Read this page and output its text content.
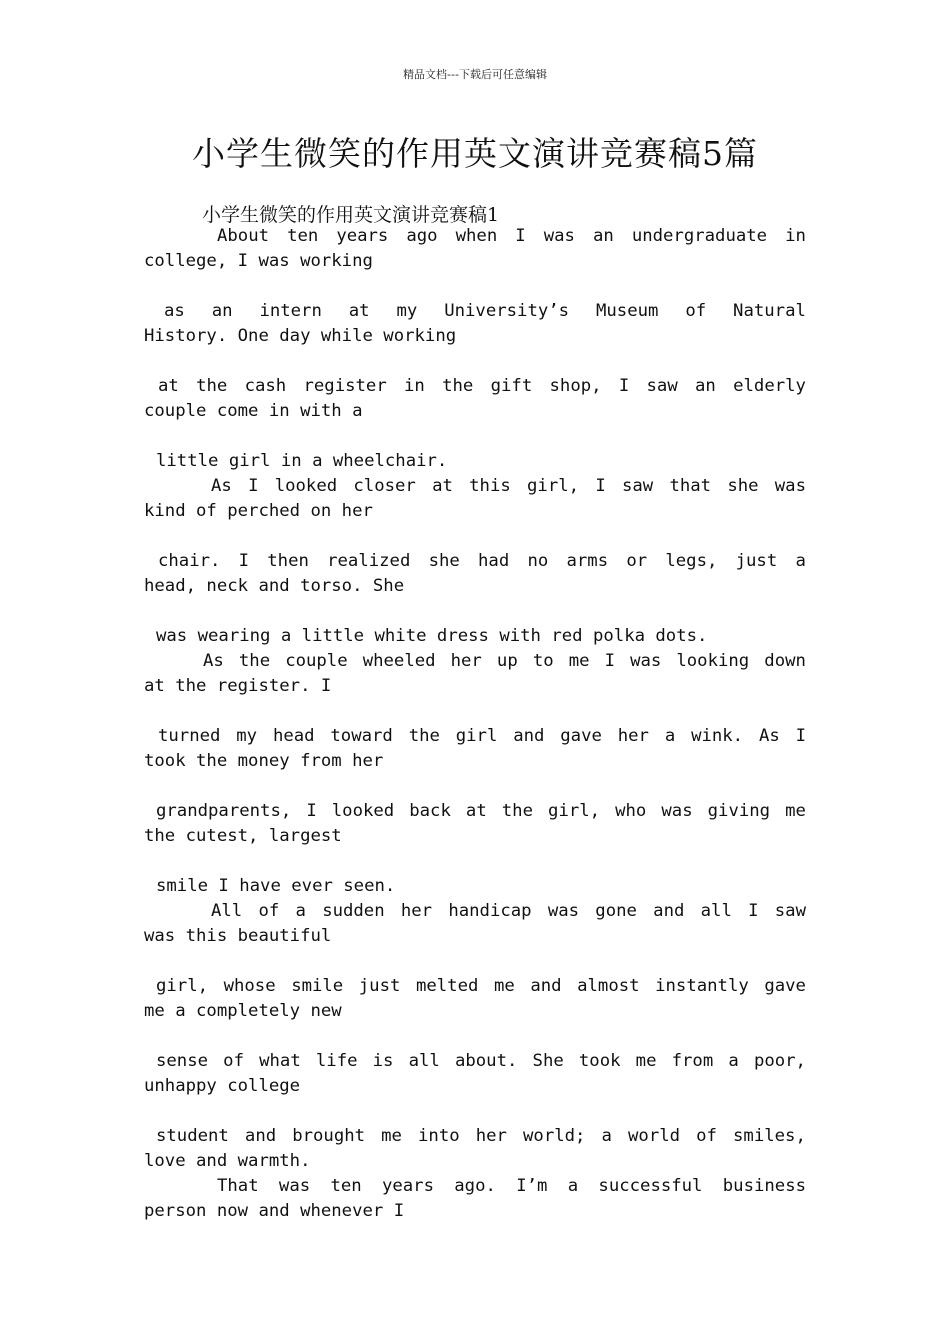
精品文档---下载后可任意编辑
小学生微笑的作用英文演讲竞赛稿5篇
小学生微笑的作用英文演讲竞赛稿1
About ten years ago when I was an undergraduate in
college, I was working
as an intern at my University’s Museum of Natural
History. One day while working
at the cash register in the gift shop, I saw an elderly
couple come in with a
little girl in a wheelchair.
As I looked closer at this girl, I saw that she was
kind of perched on her
chair. I then realized she had no arms or legs, just a
head, neck and torso. She
was wearing a little white dress with red polka dots.
As the couple wheeled her up to me I was looking down
at the register. I
turned my head toward the girl and gave her a wink. As I
took the money from her
grandparents, I looked back at the girl, who was giving me
the cutest, largest
smile I have ever seen.
All of a sudden her handicap was gone and all I saw
was this beautiful
girl, whose smile just melted me and almost instantly gave
me a completely new
sense of what life is all about. She took me from a poor,
unhappy college
student and brought me into her world; a world of smiles,
love and warmth.
That was ten years ago. I’m a successful business
person now and whenever I
